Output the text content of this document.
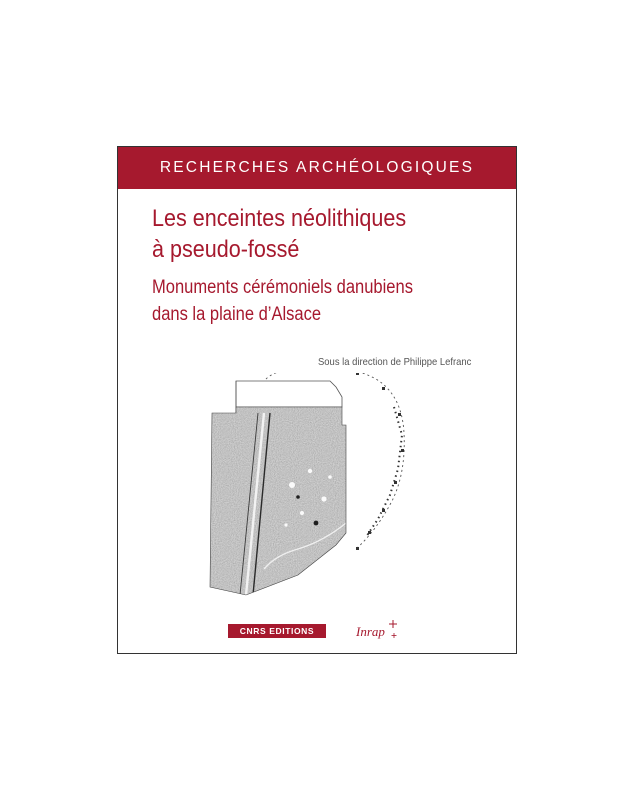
RECHERCHES ARCHÉOLOGIQUES
Les enceintes néolithiques
à pseudo-fossé
Monuments cérémoniels danubiens
dans la plaine d’Alsace
Sous la direction de Philippe Lefranc
CNRS EDITIONS	Inrap
